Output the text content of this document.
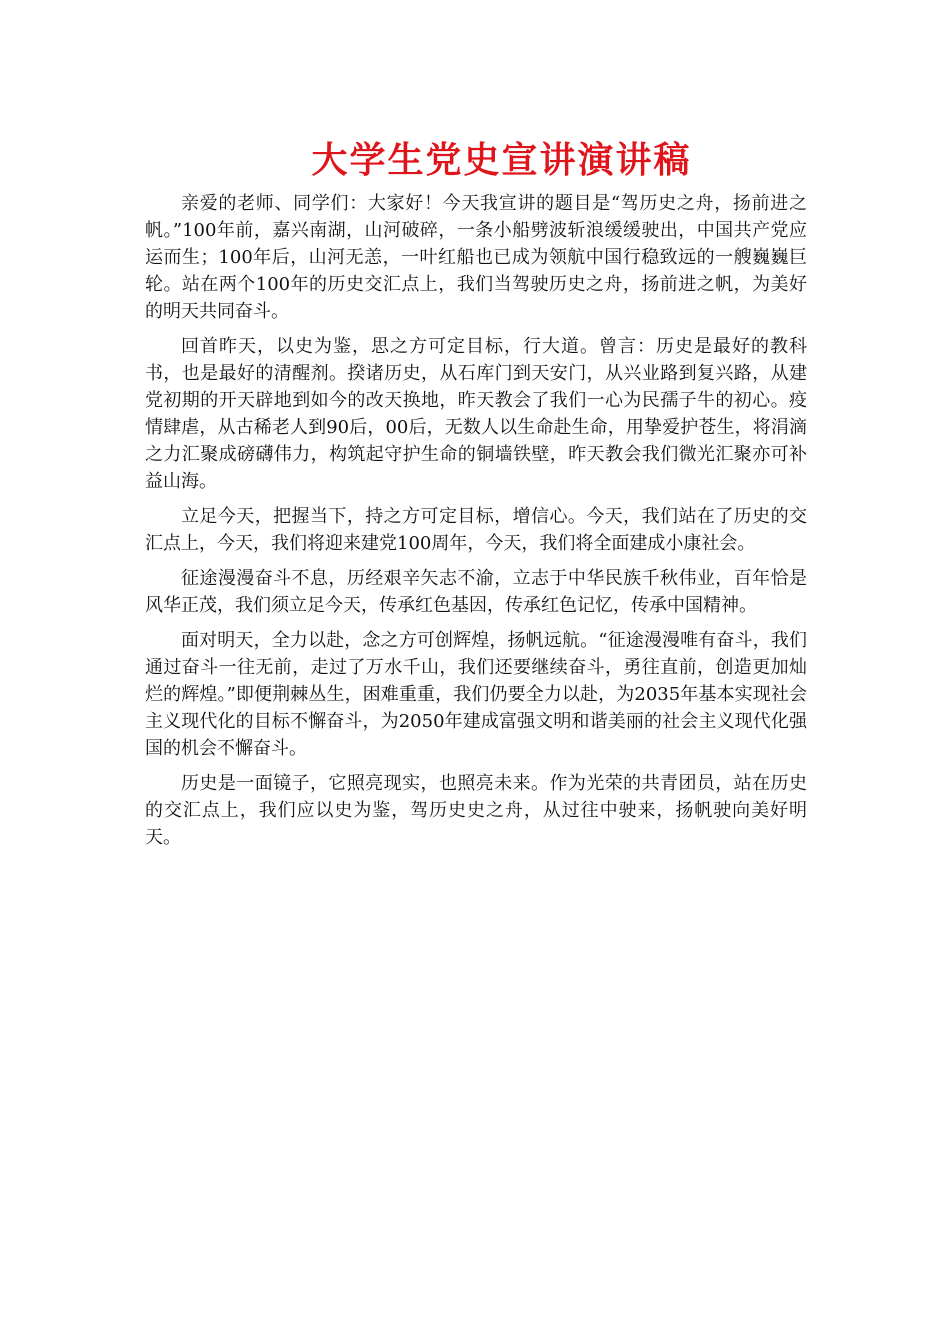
大学生党史宣讲演讲稿

亲爱的老师、同学们：大家好！今天我宣讲的题目是“驾历史之舟，扬前进之帆。”100年前，嘉兴南湖，山河破碎，一条小船劈波斩浪缓缓驶出，中国共产党应运而生；100年后，山河无恙，一叶红船也已成为领航中国行稳致远的一艘巍巍巨轮。站在两个100年的历史交汇点上，我们当驾驶历史之舟，扬前进之帆，为美好的明天共同奋斗。

回首昨天，以史为鉴，思之方可定目标，行大道。曾言：历史是最好的教科书，也是最好的清醒剂。揆诸历史，从石库门到天安门，从兴业路到复兴路，从建党初期的开天辟地到如今的改天换地，昨天教会了我们一心为民孺子牛的初心。疫情肆虐，从古稀老人到90后，00后，无数人以生命赴生命，用挚爱护苍生，将涓滴之力汇聚成磅礴伟力，构筑起守护生命的铜墙铁壁，昨天教会我们微光汇聚亦可补益山海。

立足今天，把握当下，持之方可定目标，增信心。今天，我们站在了历史的交汇点上，今天，我们将迎来建党100周年，今天，我们将全面建成小康社会。

征途漫漫奋斗不息，历经艰辛矢志不渝，立志于中华民族千秋伟业，百年恰是风华正茂，我们须立足今天，传承红色基因，传承红色记忆，传承中国精神。

面对明天，全力以赴，念之方可创辉煌，扬帆远航。“征途漫漫唯有奋斗，我们通过奋斗一往无前，走过了万水千山，我们还要继续奋斗，勇往直前，创造更加灿烂的辉煌。”即便荆棘丛生，困难重重，我们仍要全力以赴，为2035年基本实现社会主义现代化的目标不懈奋斗，为2050年建成富强文明和谐美丽的社会主义现代化强国的机会不懈奋斗。

历史是一面镜子，它照亮现实，也照亮未来。作为光荣的共青团员，站在历史的交汇点上，我们应以史为鉴，驾历史史之舟，从过往中驶来，扬帆驶向美好明天。
